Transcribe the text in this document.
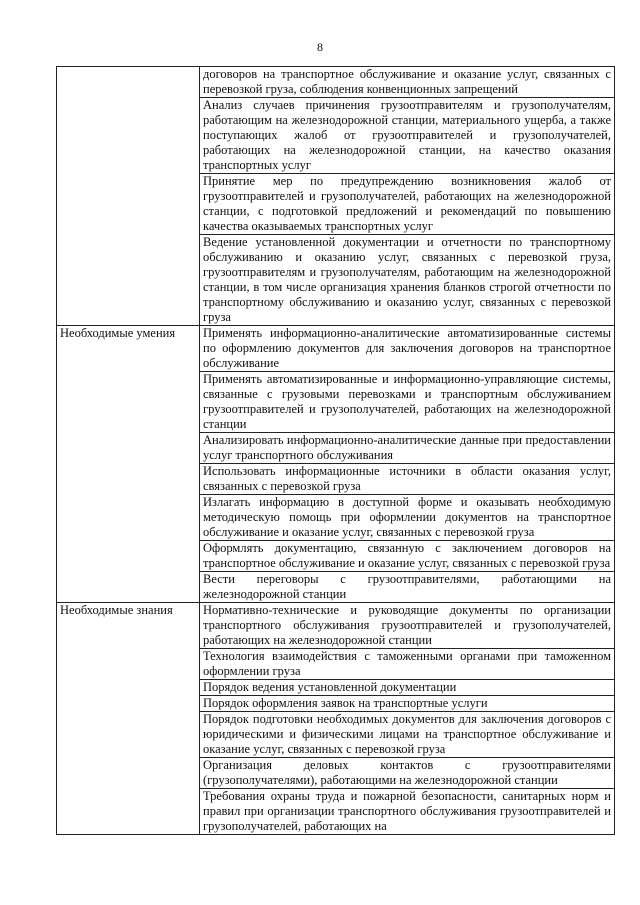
8
	договоров на транспортное обслуживание и оказание услуг, связанных с перевозкой груза, соблюдения конвенционных запрещений
	Анализ случаев причинения грузоотправителям и грузополучателям, работающим на железнодорожной станции, материального ущерба, а также поступающих жалоб от грузоотправителей и грузополучателей, работающих на железнодорожной станции, на качество оказания транспортных услуг
	Принятие мер по предупреждению возникновения жалоб от грузоотправителей и грузополучателей, работающих на железнодорожной станции, с подготовкой предложений и рекомендаций по повышению качества оказываемых транспортных услуг
	Ведение установленной документации и отчетности по транспортному обслуживанию и оказанию услуг, связанных с перевозкой груза, грузоотправителям и грузополучателям, работающим на железнодорожной станции, в том числе организация хранения бланков строгой отчетности по транспортному обслуживанию и оказанию услуг, связанных с перевозкой груза
Необходимые умения	Применять информационно-аналитические автоматизированные системы по оформлению документов для заключения договоров на транспортное обслуживание
	Применять автоматизированные и информационно-управляющие системы, связанные с грузовыми перевозками и транспортным обслуживанием грузоотправителей и грузополучателей, работающих на железнодорожной станции
	Анализировать информационно-аналитические данные при предоставлении услуг транспортного обслуживания
	Использовать информационные источники в области оказания услуг, связанных с перевозкой груза
	Излагать информацию в доступной форме и оказывать необходимую методическую помощь при оформлении документов на транспортное обслуживание и оказание услуг, связанных с перевозкой груза
	Оформлять документацию, связанную с заключением договоров на транспортное обслуживание и оказание услуг, связанных с перевозкой груза
	Вести переговоры с грузоотправителями, работающими на железнодорожной станции
Необходимые знания	Нормативно-технические и руководящие документы по организации транспортного обслуживания грузоотправителей и грузополучателей, работающих на железнодорожной станции
	Технология взаимодействия с таможенными органами при таможенном оформлении груза
	Порядок ведения установленной документации
	Порядок оформления заявок на транспортные услуги
	Порядок подготовки необходимых документов для заключения договоров с юридическими и физическими лицами на транспортное обслуживание и оказание услуг, связанных с перевозкой груза
	Организация деловых контактов с грузоотправителями (грузополучателями), работающими на железнодорожной станции
	Требования охраны труда и пожарной безопасности, санитарных норм и правил при организации транспортного обслуживания грузоотправителей и грузополучателей, работающих на
